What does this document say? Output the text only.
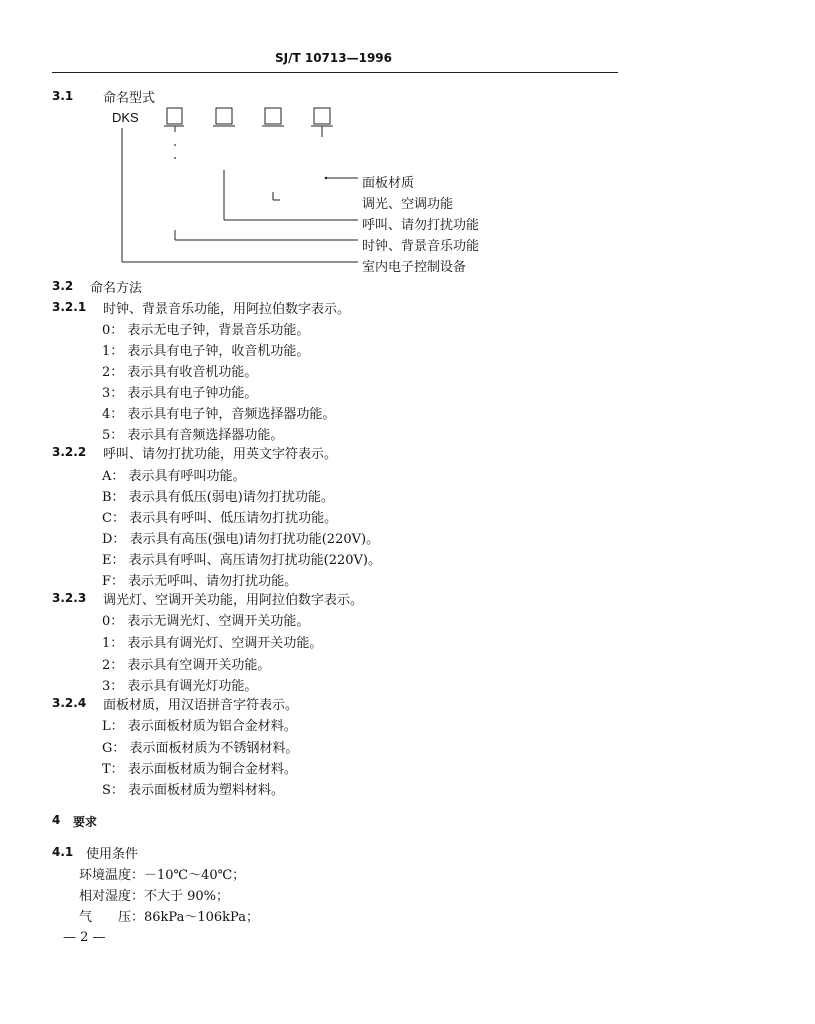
SJ/T 10713—1996
3.1 命名型式
DKS
面板材质
调光、空调功能
呼叫、请勿打扰功能
时钟、背景音乐功能
室内电子控制设备
3.2 命名方法
3.2.1 时钟、背景音乐功能，用阿拉伯数字表示。
0： 表示无电子钟，背景音乐功能。
1： 表示具有电子钟，收音机功能。
2： 表示具有收音机功能。
3： 表示具有电子钟功能。
4： 表示具有电子钟，音频选择器功能。
5： 表示具有音频选择器功能。
3.2.2 呼叫、请勿打扰功能，用英文字符表示。
A： 表示具有呼叫功能。
B： 表示具有低压(弱电)请勿打扰功能。
C： 表示具有呼叫、低压请勿打扰功能。
D： 表示具有高压(强电)请勿打扰功能(220V)。
E： 表示具有呼叫、高压请勿打扰功能(220V)。
F： 表示无呼叫、请勿打扰功能。
3.2.3 调光灯、空调开关功能，用阿拉伯数字表示。
0： 表示无调光灯、空调开关功能。
1： 表示具有调光灯、空调开关功能。
2： 表示具有空调开关功能。
3： 表示具有调光灯功能。
3.2.4 面板材质，用汉语拼音字符表示。
L： 表示面板材质为铝合金材料。
G： 表示面板材质为不锈钢材料。
T： 表示面板材质为铜合金材料。
S： 表示面板材质为塑料材料。
4 要求
4.1 使用条件
环境温度：－10℃～40℃；
相对湿度：不大于 90%；
气　　压：86kPa～106kPa；
— 2 —
